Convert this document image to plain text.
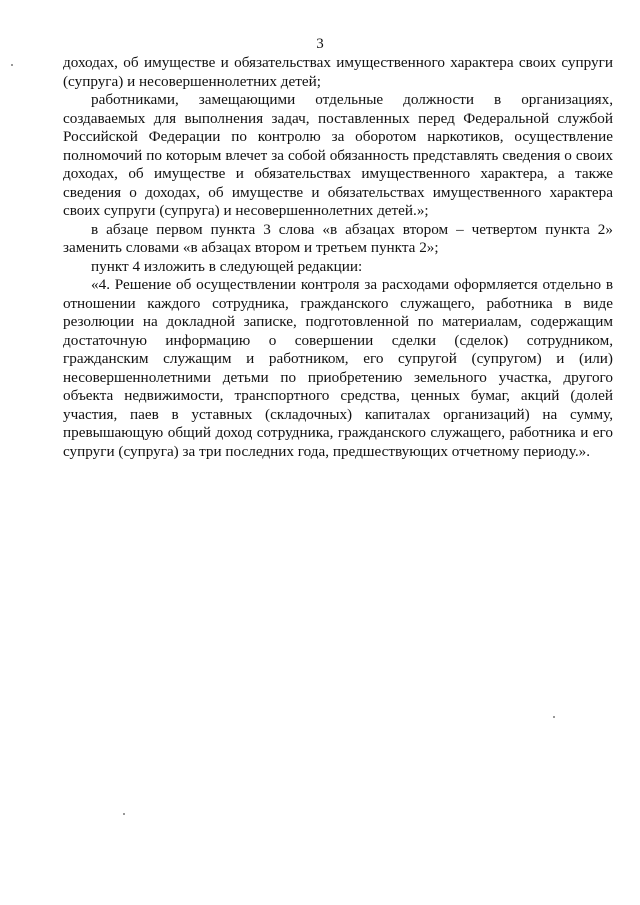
3

доходах, об имуществе и обязательствах имущественного характера своих супруги (супруга) и несовершеннолетних детей;

работниками, замещающими отдельные должности в организациях, создаваемых для выполнения задач, поставленных перед Федеральной службой Российской Федерации по контролю за оборотом наркотиков, осуществление полномочий по которым влечет за собой обязанность представлять сведения о своих доходах, об имуществе и обязательствах имущественного характера, а также сведения о доходах, об имуществе и обязательствах имущественного характера своих супруги (супруга) и несовершеннолетних детей.»;

в абзаце первом пункта 3 слова «в абзацах втором – четвертом пункта 2» заменить словами «в абзацах втором и третьем пункта 2»;

пункт 4 изложить в следующей редакции:

«4. Решение об осуществлении контроля за расходами оформляется отдельно в отношении каждого сотрудника, гражданского служащего, работника в виде резолюции на докладной записке, подготовленной по материалам, содержащим достаточную информацию о совершении сделки (сделок) сотрудником, гражданским служащим и работником, его супругой (супругом) и (или) несовершеннолетними детьми по приобретению земельного участка, другого объекта недвижимости, транспортного средства, ценных бумаг, акций (долей участия, паев в уставных (складочных) капиталах организаций) на сумму, превышающую общий доход сотрудника, гражданского служащего, работника и его супруги (супруга) за три последних года, предшествующих отчетному периоду.».
